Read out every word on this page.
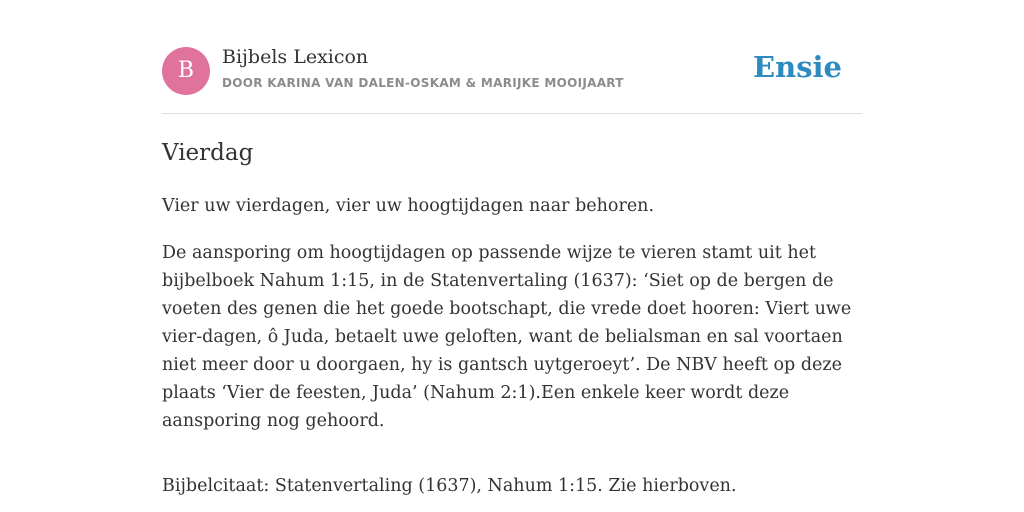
B
Bijbels Lexicon
DOOR KARINA VAN DALEN-OSKAM & MARIJKE MOOIJAART	Ensie
Vierdag

Vier uw vierdagen, vier uw hoogtijdagen naar behoren.

De aansporing om hoogtijdagen op passende wijze te vieren stamt uit het bijbelboek Nahum 1:15, in de Statenvertaling (1637): ‘Siet op de bergen de voeten des genen die het goede bootschapt, die vrede doet hooren: Viert uwe vier-dagen, ô Juda, betaelt uwe geloften, want de belialsman en sal voortaen niet meer door u doorgaen, hy is gantsch uytgeroeyt’. De NBV heeft op deze plaats ‘Vier de feesten, Juda’ (Nahum 2:1).Een enkele keer wordt deze aansporing nog gehoord.

Bijbelcitaat: Statenvertaling (1637), Nahum 1:15. Zie hierboven.
